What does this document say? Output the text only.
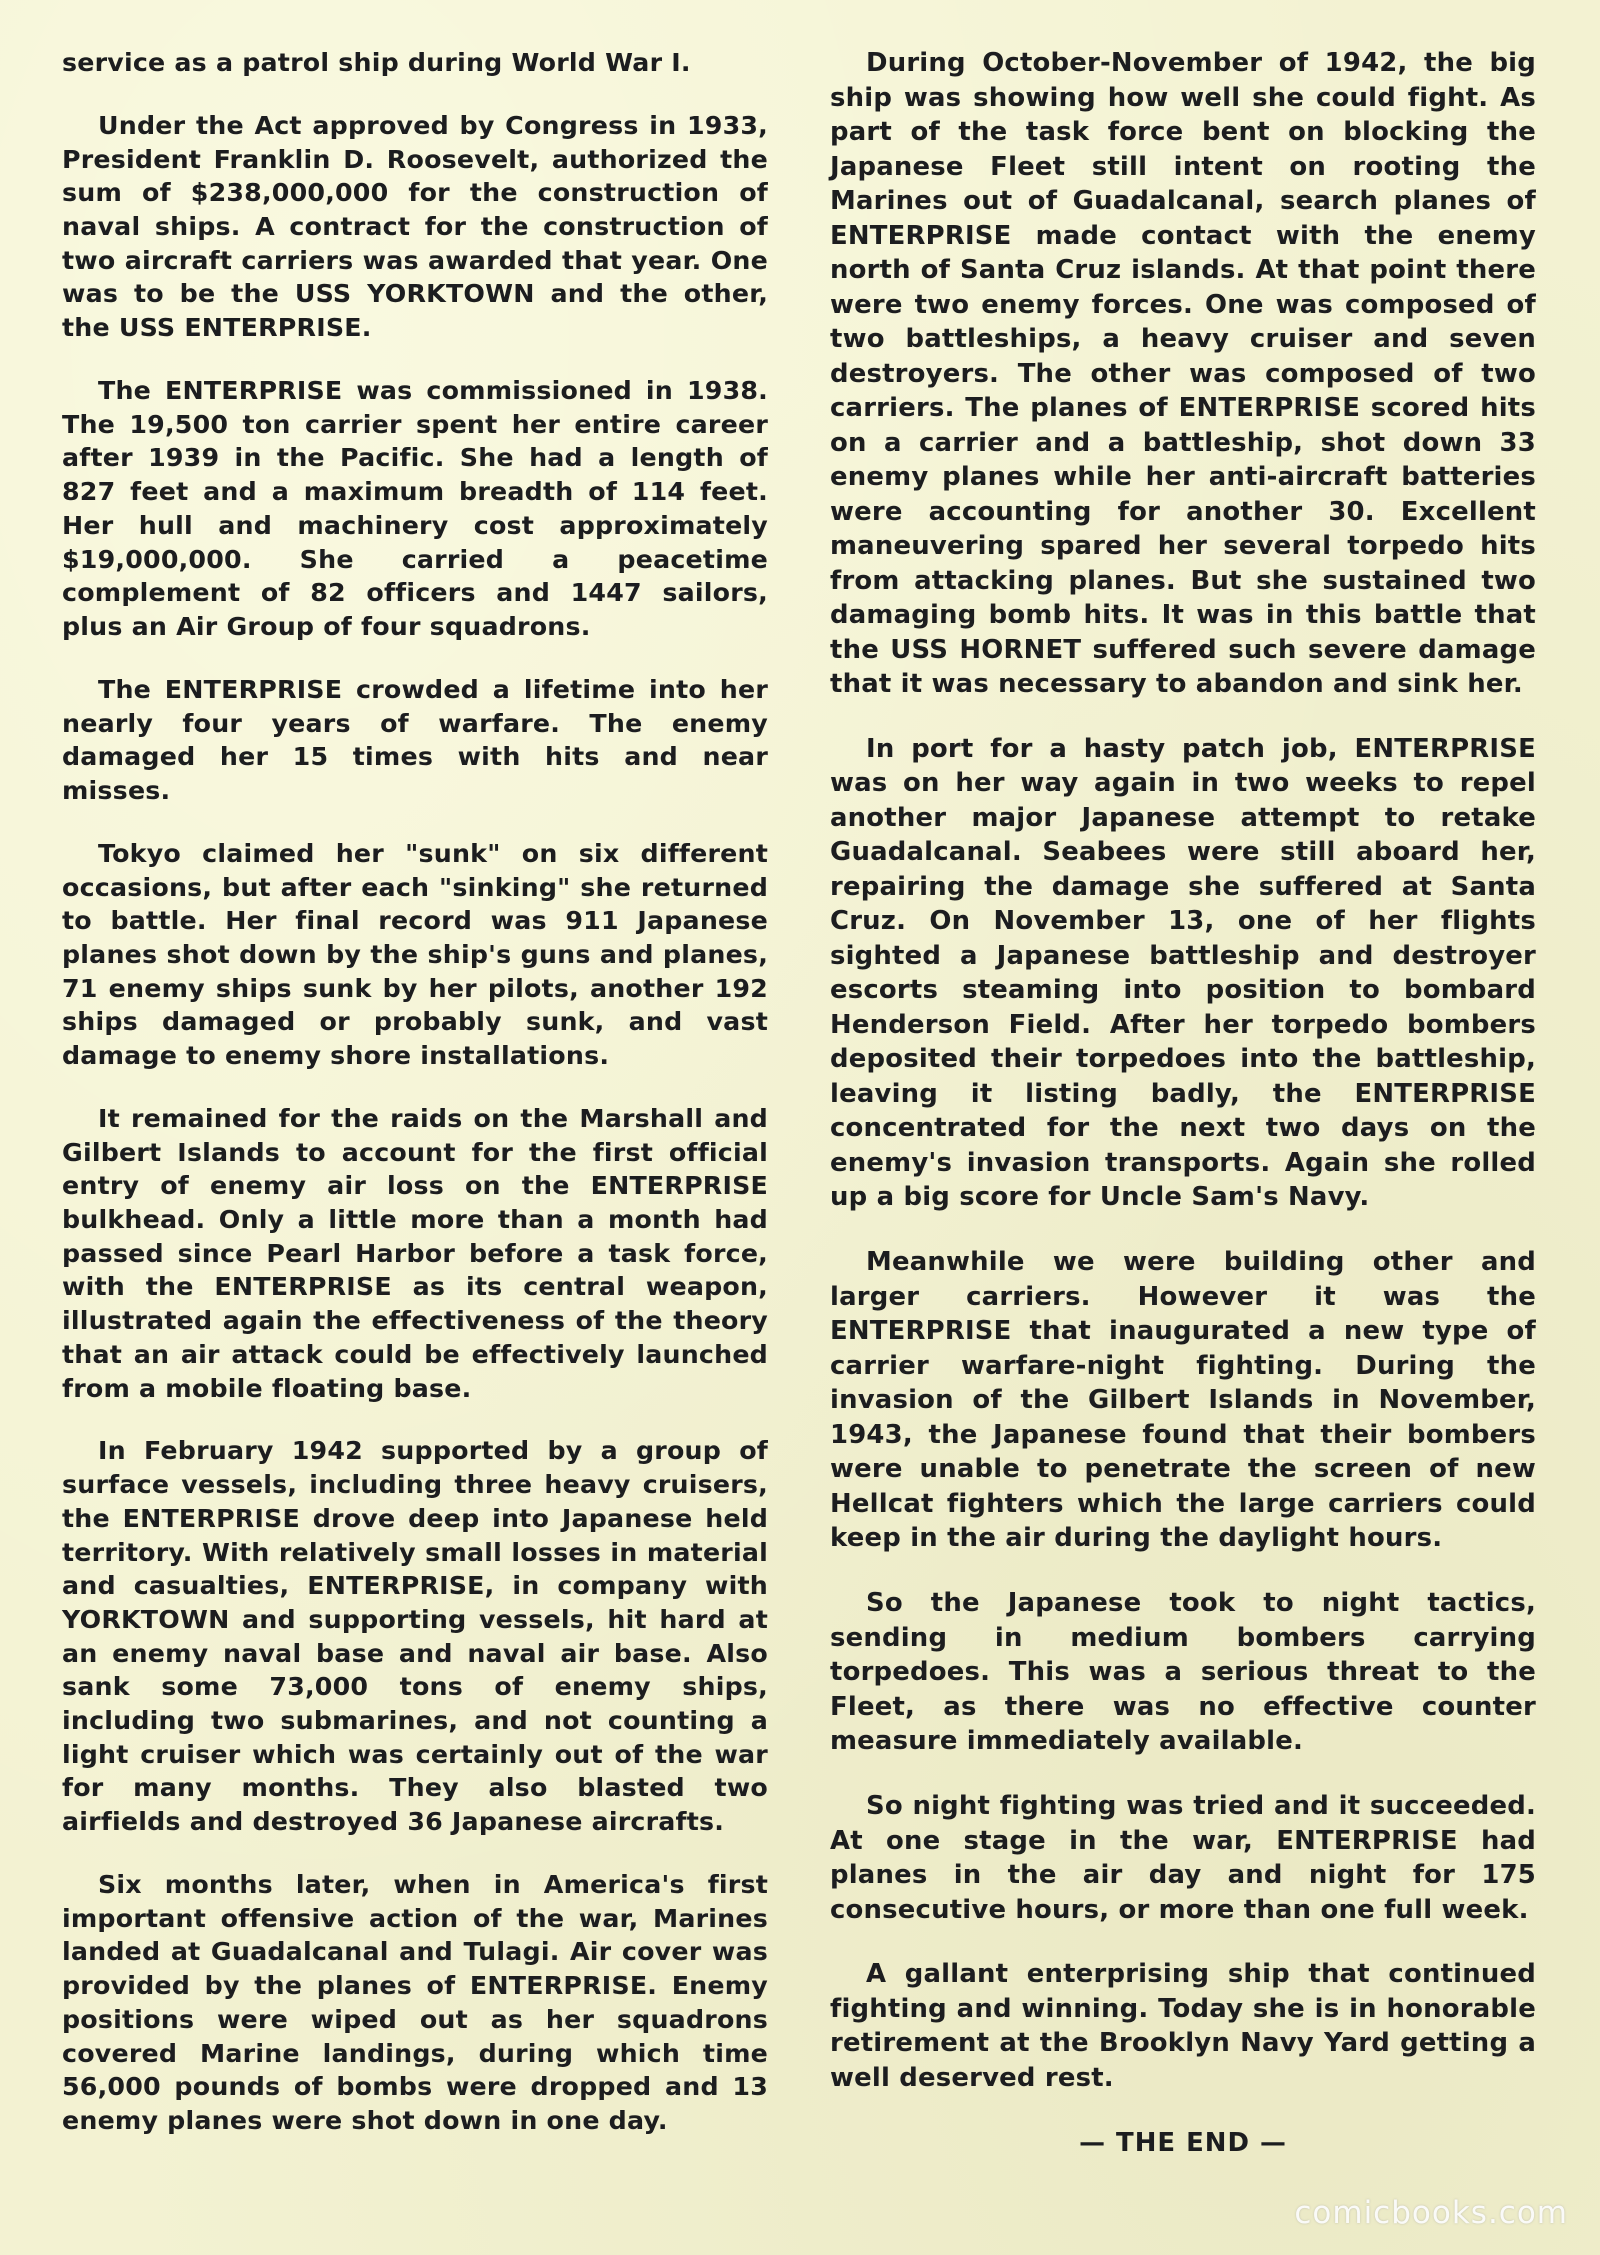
service as a patrol ship during World War I.

Under the Act approved by Congress in 1933, President Franklin D. Roosevelt, authorized the sum of $238,000,000 for the construction of naval ships. A contract for the construction of two aircraft carriers was awarded that year. One was to be the USS YORKTOWN and the other, the USS ENTERPRISE.

The ENTERPRISE was commissioned in 1938. The 19,500 ton carrier spent her entire career after 1939 in the Pacific. She had a length of 827 feet and a maximum breadth of 114 feet. Her hull and machinery cost approximately $19,000,000. She carried a peacetime complement of 82 officers and 1447 sailors, plus an Air Group of four squadrons.

The ENTERPRISE crowded a lifetime into her nearly four years of warfare. The enemy damaged her 15 times with hits and near misses.

Tokyo claimed her "sunk" on six different occasions, but after each "sinking" she returned to battle. Her final record was 911 Japanese planes shot down by the ship's guns and planes, 71 enemy ships sunk by her pilots, another 192 ships damaged or probably sunk, and vast damage to enemy shore installations.

It remained for the raids on the Marshall and Gilbert Islands to account for the first official entry of enemy air loss on the ENTERPRISE bulkhead. Only a little more than a month had passed since Pearl Harbor before a task force, with the ENTERPRISE as its central weapon, illustrated again the effectiveness of the theory that an air attack could be effectively launched from a mobile floating base.

In February 1942 supported by a group of surface vessels, including three heavy cruisers, the ENTERPRISE drove deep into Japanese held territory. With relatively small losses in material and casualties, ENTERPRISE, in company with YORKTOWN and supporting vessels, hit hard at an enemy naval base and naval air base. Also sank some 73,000 tons of enemy ships, including two submarines, and not counting a light cruiser which was certainly out of the war for many months. They also blasted two airfields and destroyed 36 Japanese aircrafts.

Six months later, when in America's first important offensive action of the war, Marines landed at Guadalcanal and Tulagi. Air cover was provided by the planes of ENTERPRISE. Enemy positions were wiped out as her squadrons covered Marine landings, during which time 56,000 pounds of bombs were dropped and 13 enemy planes were shot down in one day.

During October-November of 1942, the big ship was showing how well she could fight. As part of the task force bent on blocking the Japanese Fleet still intent on rooting the Marines out of Guadalcanal, search planes of ENTERPRISE made contact with the enemy north of Santa Cruz islands. At that point there were two enemy forces. One was composed of two battleships, a heavy cruiser and seven destroyers. The other was composed of two carriers. The planes of ENTERPRISE scored hits on a carrier and a battleship, shot down 33 enemy planes while her anti-aircraft batteries were accounting for another 30. Excellent maneuvering spared her several torpedo hits from attacking planes. But she sustained two damaging bomb hits. It was in this battle that the USS HORNET suffered such severe damage that it was necessary to abandon and sink her.

In port for a hasty patch job, ENTERPRISE was on her way again in two weeks to repel another major Japanese attempt to retake Guadalcanal. Seabees were still aboard her, repairing the damage she suffered at Santa Cruz. On November 13, one of her flights sighted a Japanese battleship and destroyer escorts steaming into position to bombard Henderson Field. After her torpedo bombers deposited their torpedoes into the battleship, leaving it listing badly, the ENTERPRISE concentrated for the next two days on the enemy's invasion transports. Again she rolled up a big score for Uncle Sam's Navy.

Meanwhile we were building other and larger carriers. However it was the ENTERPRISE that inaugurated a new type of carrier warfare-night fighting. During the invasion of the Gilbert Islands in November, 1943, the Japanese found that their bombers were unable to penetrate the screen of new Hellcat fighters which the large carriers could keep in the air during the daylight hours.

So the Japanese took to night tactics, sending in medium bombers carrying torpedoes. This was a serious threat to the Fleet, as there was no effective counter measure immediately available.

So night fighting was tried and it succeeded. At one stage in the war, ENTERPRISE had planes in the air day and night for 175 consecutive hours, or more than one full week.

A gallant enterprising ship that continued fighting and winning. Today she is in honorable retirement at the Brooklyn Navy Yard getting a well deserved rest.

— THE END —
comicbooks.com
